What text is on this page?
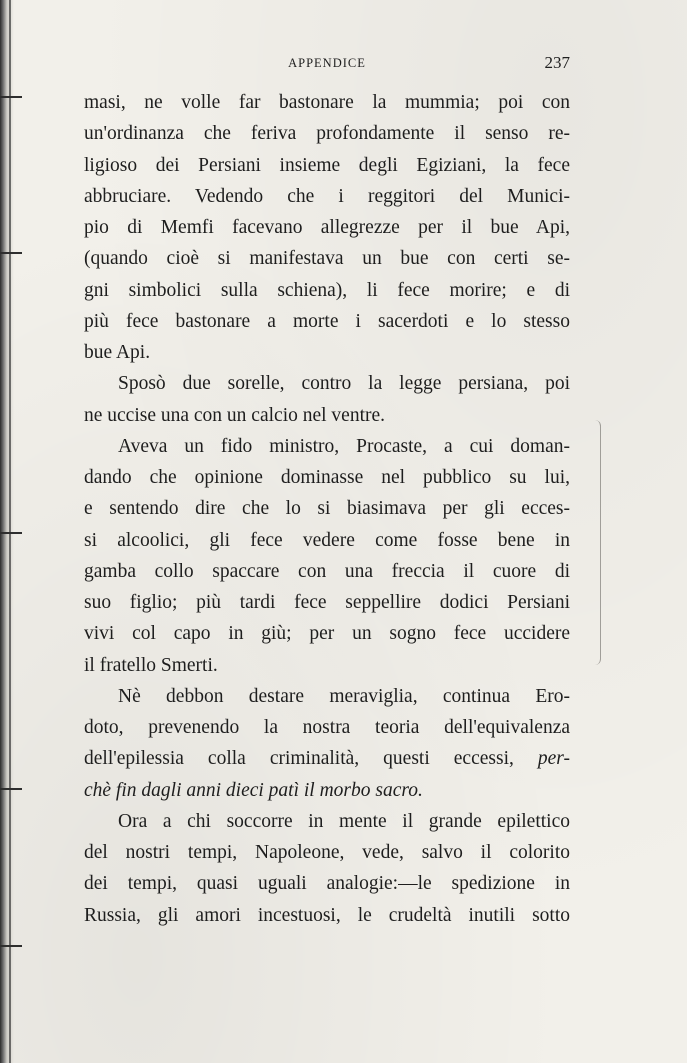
APPENDICE	237
masi, ne volle far bastonare la mummia; poi con
un'ordinanza che feriva profondamente il senso re-
ligioso dei Persiani insieme degli Egiziani, la fece
abbruciare. Vedendo che i reggitori del Munici-
pio di Memfi facevano allegrezze per il bue Api,
(quando cioè si manifestava un bue con certi se-
gni simbolici sulla schiena), li fece morire; e di
più fece bastonare a morte i sacerdoti e lo stesso
bue Api.
Sposò due sorelle, contro la legge persiana, poi
ne uccise una con un calcio nel ventre.
Aveva un fido ministro, Procaste, a cui doman-
dando che opinione dominasse nel pubblico su lui,
e sentendo dire che lo si biasimava per gli ecces-
si alcoolici, gli fece vedere come fosse bene in
gamba collo spaccare con una freccia il cuore di
suo figlio; più tardi fece seppellire dodici Persiani
vivi col capo in giù; per un sogno fece uccidere
il fratello Smerti.
Nè debbon destare meraviglia, continua Ero-
doto, prevenendo la nostra teoria dell'equivalenza
dell'epilessia colla criminalità, questi eccessi, per-
chè fin dagli anni dieci patì il morbo sacro.
Ora a chi soccorre in mente il grande epilettico
del nostri tempi, Napoleone, vede, salvo il colorito
dei tempi, quasi uguali analogie:—le spedizione in
Russia, gli amori incestuosi, le crudeltà inutili sotto
